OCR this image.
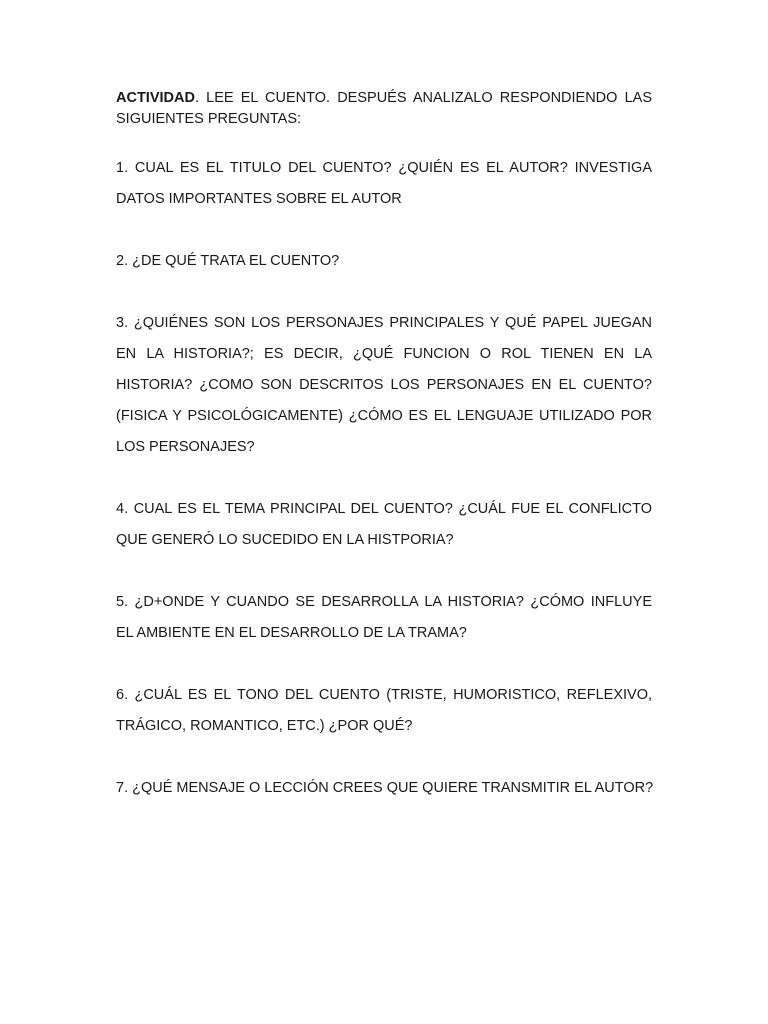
ACTIVIDAD. LEE EL CUENTO. DESPUÉS ANALIZALO RESPONDIENDO LAS SIGUIENTES PREGUNTAS:

1. CUAL ES EL TITULO DEL CUENTO? ¿QUIÉN ES EL AUTOR? INVESTIGA DATOS IMPORTANTES SOBRE EL AUTOR

2. ¿DE QUÉ TRATA EL CUENTO?

3. ¿QUIÉNES SON LOS PERSONAJES PRINCIPALES Y QUÉ PAPEL JUEGAN EN LA HISTORIA?; ES DECIR, ¿QUÉ FUNCION O ROL TIENEN EN LA HISTORIA? ¿COMO SON DESCRITOS LOS PERSONAJES EN EL CUENTO? (FISICA Y PSICOLÓGICAMENTE) ¿CÓMO ES EL LENGUAJE UTILIZADO POR LOS PERSONAJES?

4. CUAL ES EL TEMA PRINCIPAL DEL CUENTO? ¿CUÁL FUE EL CONFLICTO QUE GENERÓ LO SUCEDIDO EN LA HISTPORIA?

5. ¿D+ONDE Y CUANDO SE DESARROLLA LA HISTORIA? ¿CÓMO INFLUYE EL AMBIENTE EN EL DESARROLLO DE LA TRAMA?

6. ¿CUÁL ES EL TONO DEL CUENTO (TRISTE, HUMORISTICO, REFLEXIVO, TRÁGICO, ROMANTICO, ETC.) ¿POR QUÉ?

7. ¿QUÉ MENSAJE O LECCIÓN CREES QUE QUIERE TRANSMITIR EL AUTOR?
